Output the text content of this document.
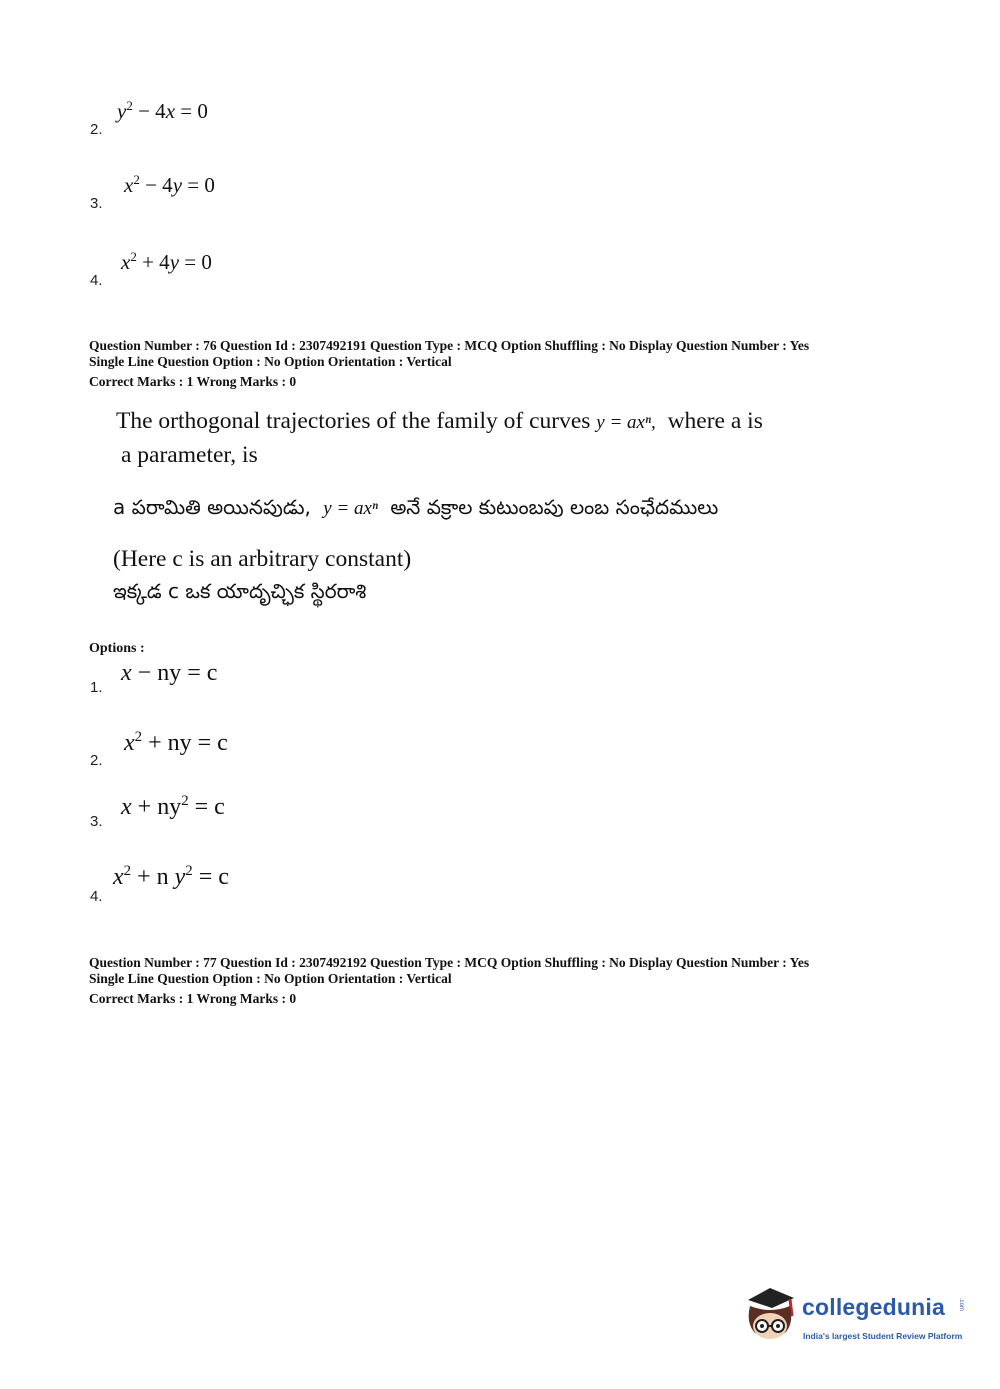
2.
$y^2 - 4x = 0$
3.
$x^2 - 4y = 0$
4.
$x^2 + 4y = 0$
Question Number : 76 Question Id : 2307492191 Question Type : MCQ Option Shuffling : No Display Question Number : Yes
Single Line Question Option : No Option Orientation : Vertical
Correct Marks : 1 Wrong Marks : 0
The orthogonal trajectories of the family of curves y = axⁿ, where a is
a parameter, is
a పరామితి అయినపుడు, y = axⁿ అనే వక్రాల కుటుంబపు లంబ సంఛేదములు
(Here c is an arbitrary constant)
ఇక్కడ c ఒక యాదృచ్ఛిక స్థిరరాశి
Options :
1.
x − ny = c
2.
$x^2$ + ny = c
3.
$x + ny^2 = c$
4.
$x^2 + n$ $y^2 = c$
Question Number : 77 Question Id : 2307492192 Question Type : MCQ Option Shuffling : No Display Question Number : Yes
Single Line Question Option : No Option Orientation : Vertical
Correct Marks : 1 Wrong Marks : 0
collegedunia .com
India's largest Student Review Platform
